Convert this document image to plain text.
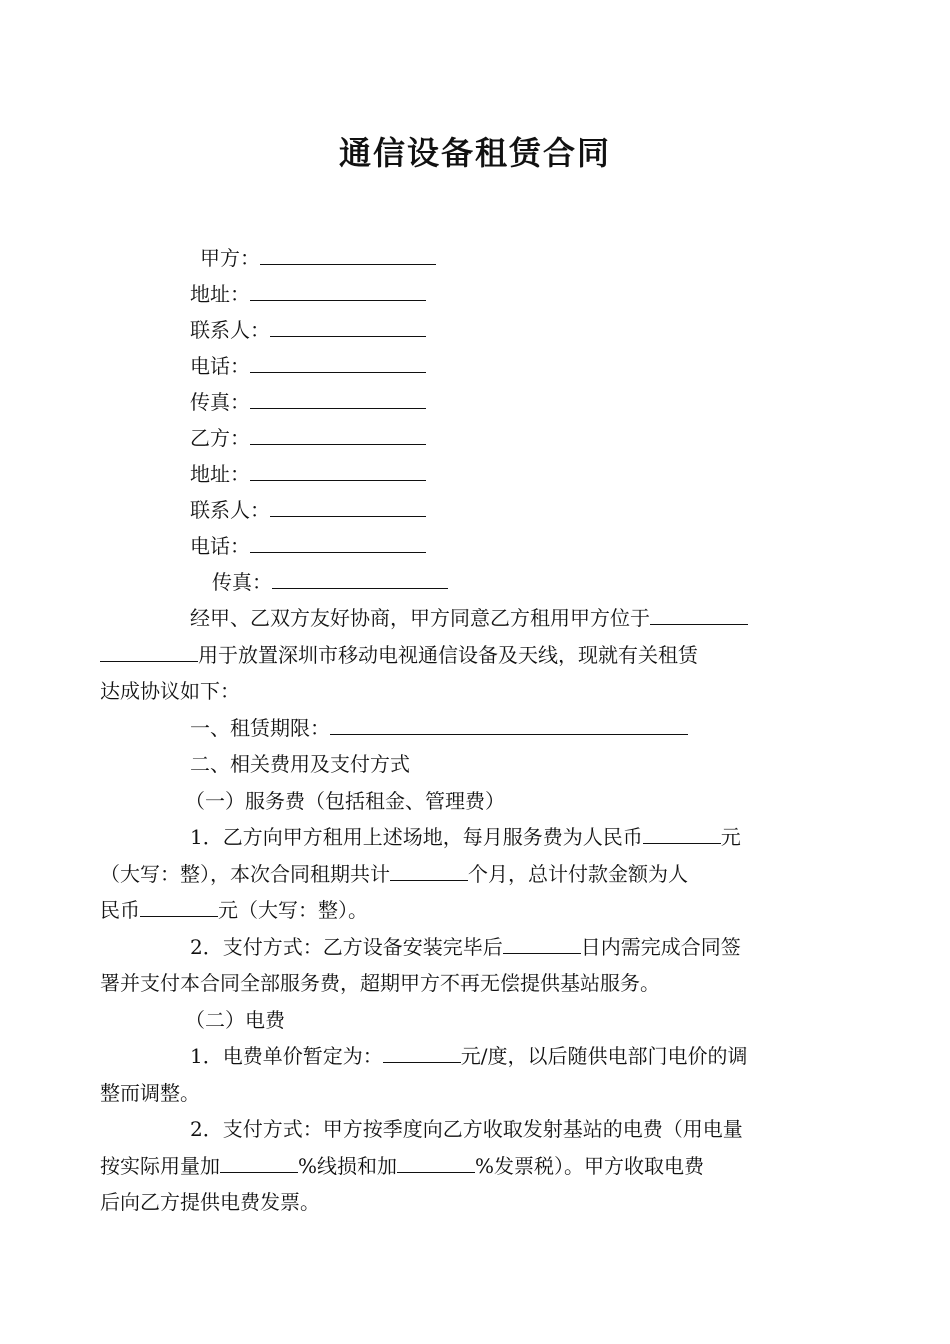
通信设备租赁合同
甲方：
地址：
联系人：
电话：
传真：
乙方：
地址：
联系人：
电话：
传真：

经甲、乙双方友好协商，甲方同意乙方租用甲方位于
用于放置深圳市移动电视通信设备及天线，现就有关租赁
达成协议如下：

一、租赁期限：

二、相关费用及支付方式

（一）服务费（包括租金、管理费）

1．乙方向甲方租用上述场地，每月服务费为人民币	元
（大写：整），本次合同租期共计	个月，总计付款金额为人
民币	元（大写：整）。

2．支付方式：乙方设备安装完毕后	日内需完成合同签
署并支付本合同全部服务费，超期甲方不再无偿提供基站服务。

（二）电费

1．电费单价暂定为：	元/度，以后随供电部门电价的调
整而调整。

2．支付方式：甲方按季度向乙方收取发射基站的电费（用电量
按实际用量加	%线损和加	%发票税）。甲方收取电费
后向乙方提供电费发票。
